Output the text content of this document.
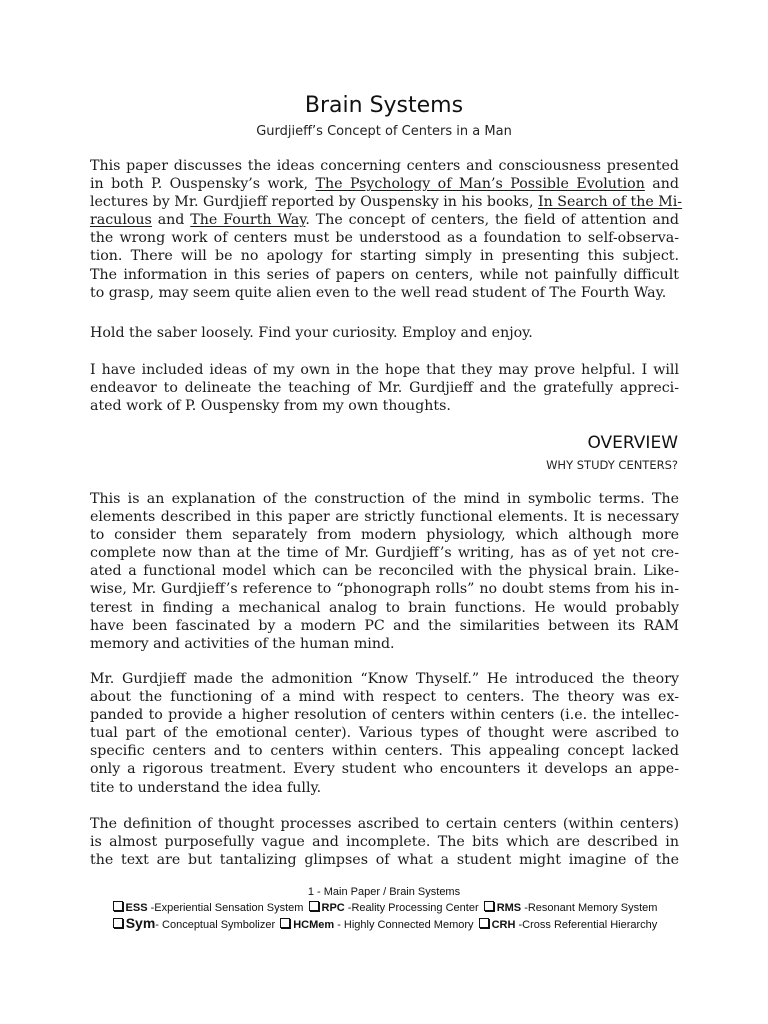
Brain Systems
Gurdjieff’s Concept of Centers in a Man
This paper discusses the ideas concerning centers and consciousness presented
in both P. Ouspensky’s work, The Psychology of Man’s Possible Evolution and
lectures by Mr. Gurdjieff reported by Ouspensky in his books, In Search of the Mi-
raculous and The Fourth Way. The concept of centers, the field of attention and
the wrong work of centers must be understood as a foundation to self-observa-
tion. There will be no apology for starting simply in presenting this subject.
The information in this series of papers on centers, while not painfully difficult
to grasp, may seem quite alien even to the well read student of The Fourth Way.
Hold the saber loosely. Find your curiosity. Employ and enjoy.
I have included ideas of my own in the hope that they may prove helpful. I will
endeavor to delineate the teaching of Mr. Gurdjieff and the gratefully appreci-
ated work of P. Ouspensky from my own thoughts.
OVERVIEW
WHY STUDY CENTERS?
This is an explanation of the construction of the mind in symbolic terms. The
elements described in this paper are strictly functional elements. It is necessary
to consider them separately from modern physiology, which although more
complete now than at the time of Mr. Gurdjieff’s writing, has as of yet not cre-
ated a functional model which can be reconciled with the physical brain. Like-
wise, Mr. Gurdjieff’s reference to “phonograph rolls” no doubt stems from his in-
terest in finding a mechanical analog to brain functions. He would probably
have been fascinated by a modern PC and the similarities between its RAM
memory and activities of the human mind.
Mr. Gurdjieff made the admonition “Know Thyself.” He introduced the theory
about the functioning of a mind with respect to centers. The theory was ex-
panded to provide a higher resolution of centers within centers (i.e. the intellec-
tual part of the emotional center). Various types of thought were ascribed to
specific centers and to centers within centers. This appealing concept lacked
only a rigorous treatment. Every student who encounters it develops an appe-
tite to understand the idea fully.
The definition of thought processes ascribed to certain centers (within centers)
is almost purposefully vague and incomplete. The bits which are described in
the text are but tantalizing glimpses of what a student might imagine of the
1 - Main Paper / Brain Systems
ESS -Experiential Sensation System RPC -Reality Processing Center RMS -Resonant Memory System
Sym- Conceptual Symbolizer HCMem - Highly Connected Memory CRH -Cross Referential Hierarchy
